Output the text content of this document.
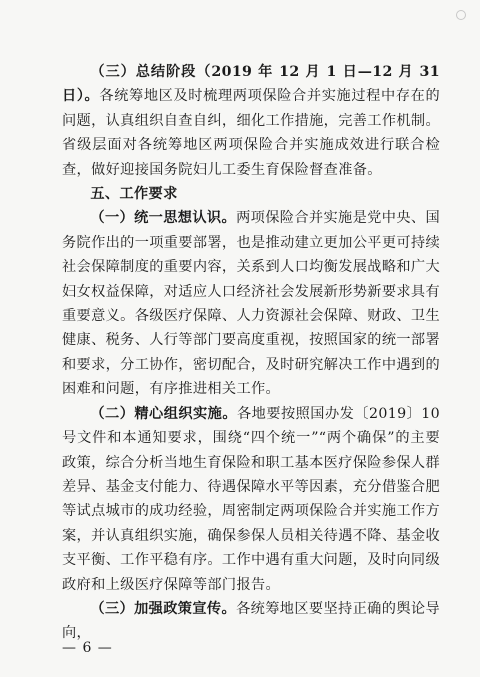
（三）总结阶段（2019 年 12 月 1 日—12 月 31 日）。各统筹地区及时梳理两项保险合并实施过程中存在的问题，认真组织自查自纠，细化工作措施，完善工作机制。省级层面对各统筹地区两项保险合并实施成效进行联合检查，做好迎接国务院妇儿工委生育保险督查准备。

五、工作要求

（一）统一思想认识。两项保险合并实施是党中央、国务院作出的一项重要部署，也是推动建立更加公平更可持续社会保障制度的重要内容，关系到人口均衡发展战略和广大妇女权益保障，对适应人口经济社会发展新形势新要求具有重要意义。各级医疗保障、人力资源社会保障、财政、卫生健康、税务、人行等部门要高度重视，按照国家的统一部署和要求，分工协作，密切配合，及时研究解决工作中遇到的困难和问题，有序推进相关工作。

（二）精心组织实施。各地要按照国办发〔2019〕10 号文件和本通知要求，围绕“四个统一”“两个确保”的主要政策，综合分析当地生育保险和职工基本医疗保险参保人群差异、基金支付能力、待遇保障水平等因素，充分借鉴合肥等试点城市的成功经验，周密制定两项保险合并实施工作方案，并认真组织实施，确保参保人员相关待遇不降、基金收支平衡、工作平稳有序。工作中遇有重大问题，及时向同级政府和上级医疗保障等部门报告。

（三）加强政策宣传。各统筹地区要坚持正确的舆论导向，

— 6 —
